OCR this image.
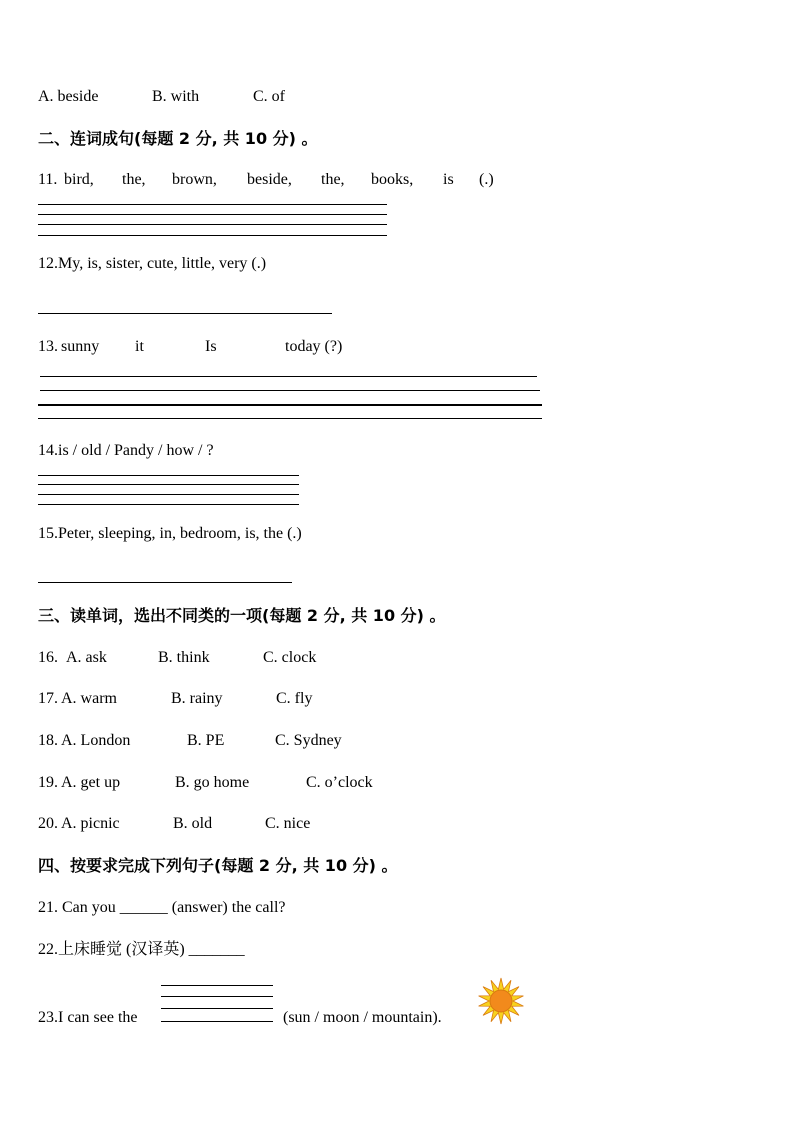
A. beside	B. with	C. of
二、连词成句(每题 2 分, 共 10 分) 。
11. bird, the, brown, beside, the, books, is (.)
12.My, is, sister, cute, little, very (.)
13. sunny it	Is	today (?)
14.is / old / Pandy / how / ?
15.Peter, sleeping, in, bedroom, is, the (.)
三、读单词，选出不同类的一项(每题 2 分, 共 10 分) 。
16. A. ask	B. think	C. clock
17. A. warm	B. rainy	C. fly
18. A. London	B. PE	C. Sydney
19. A. get up	B. go home	C. o’clock
20. A. picnic	B. old	C. nice
四、按要求完成下列句子(每题 2 分, 共 10 分) 。
21. Can you ______ (answer) the call?
22.上床睡觉 (汉译英) _______
23.I can see the	(sun / moon / mountain).
